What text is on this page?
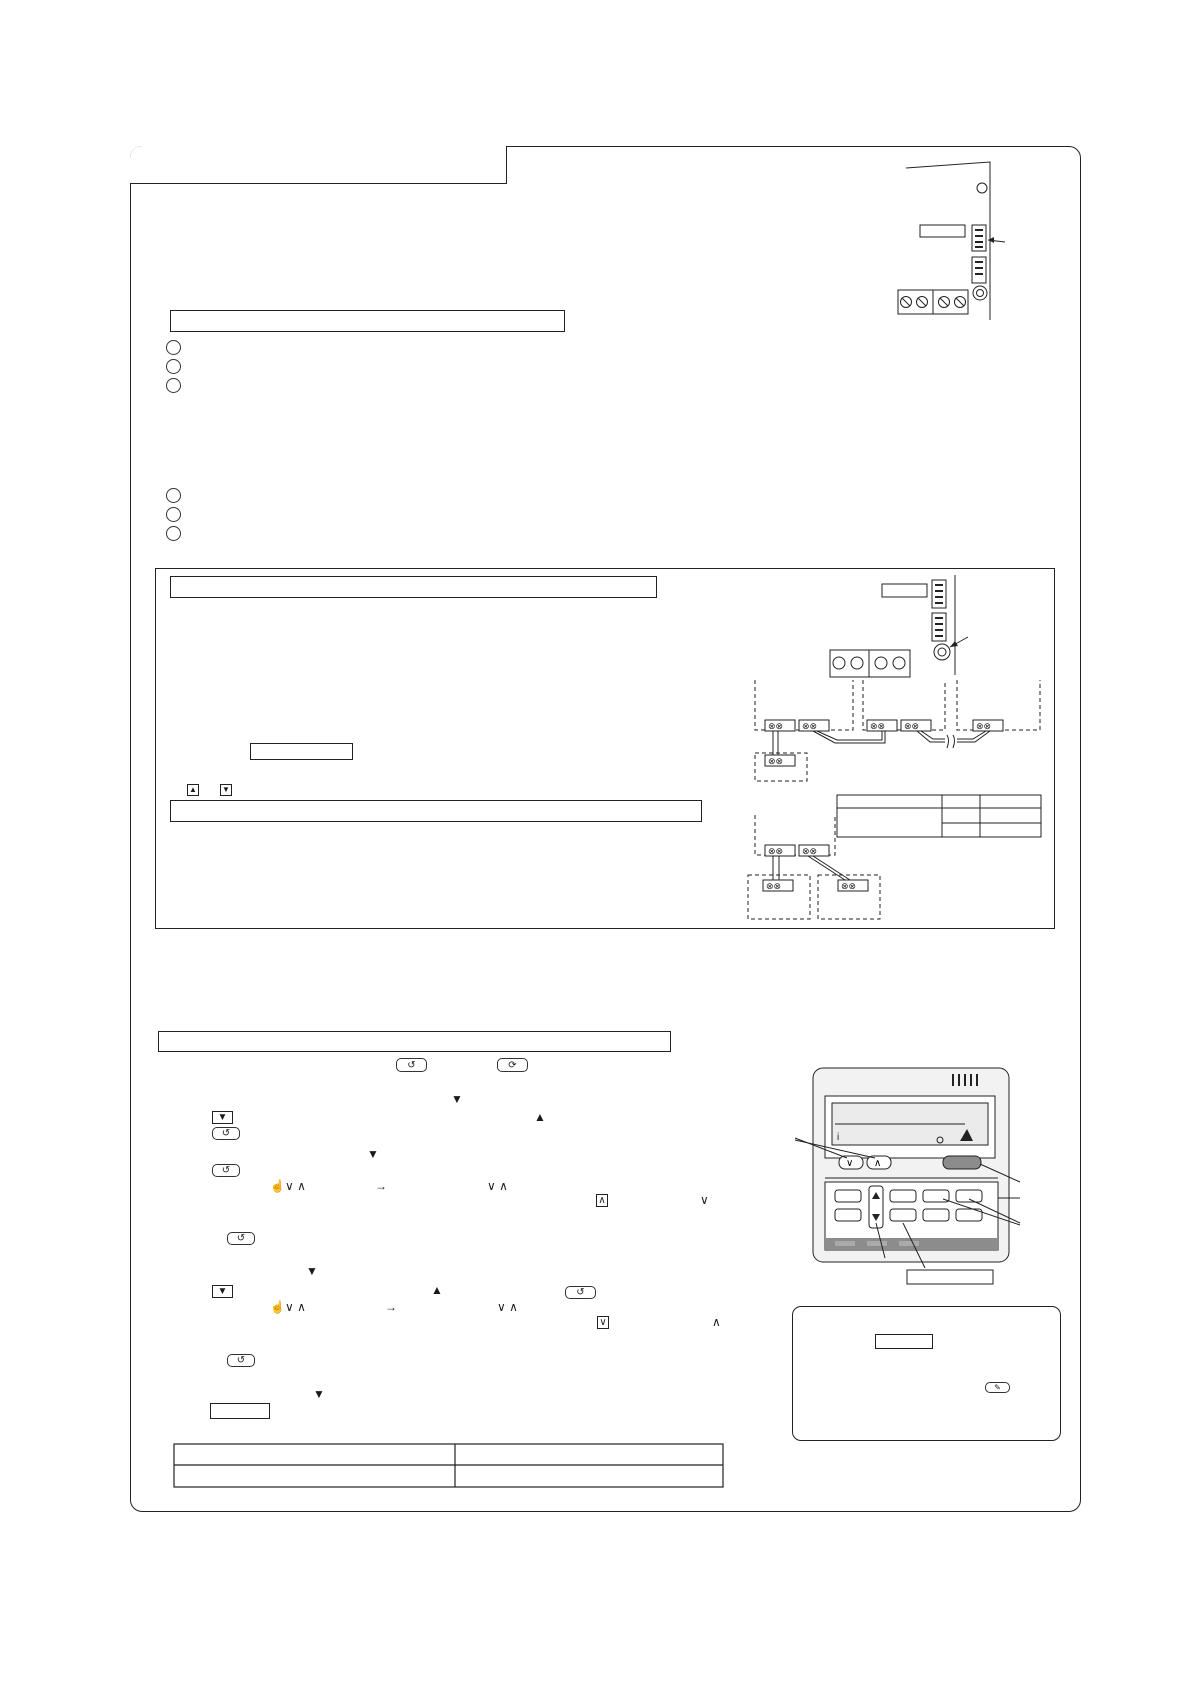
▲	▼
⊗⊗ ⊗⊗	⊗⊗ ⊗⊗	⊗⊗
⊗⊗
⊗⊗ ⊗⊗
⊗⊗	⊗⊗
↺	⟳
▼
▲
▼
↺
▼
↺
☝∨ ∧	→	∨ ∧
∧	∨
↺
▼
▼	▲	↺
☝∨ ∧	→	∨ ∧
∨	∧
↺
▼
i
∨ ∧
✎
